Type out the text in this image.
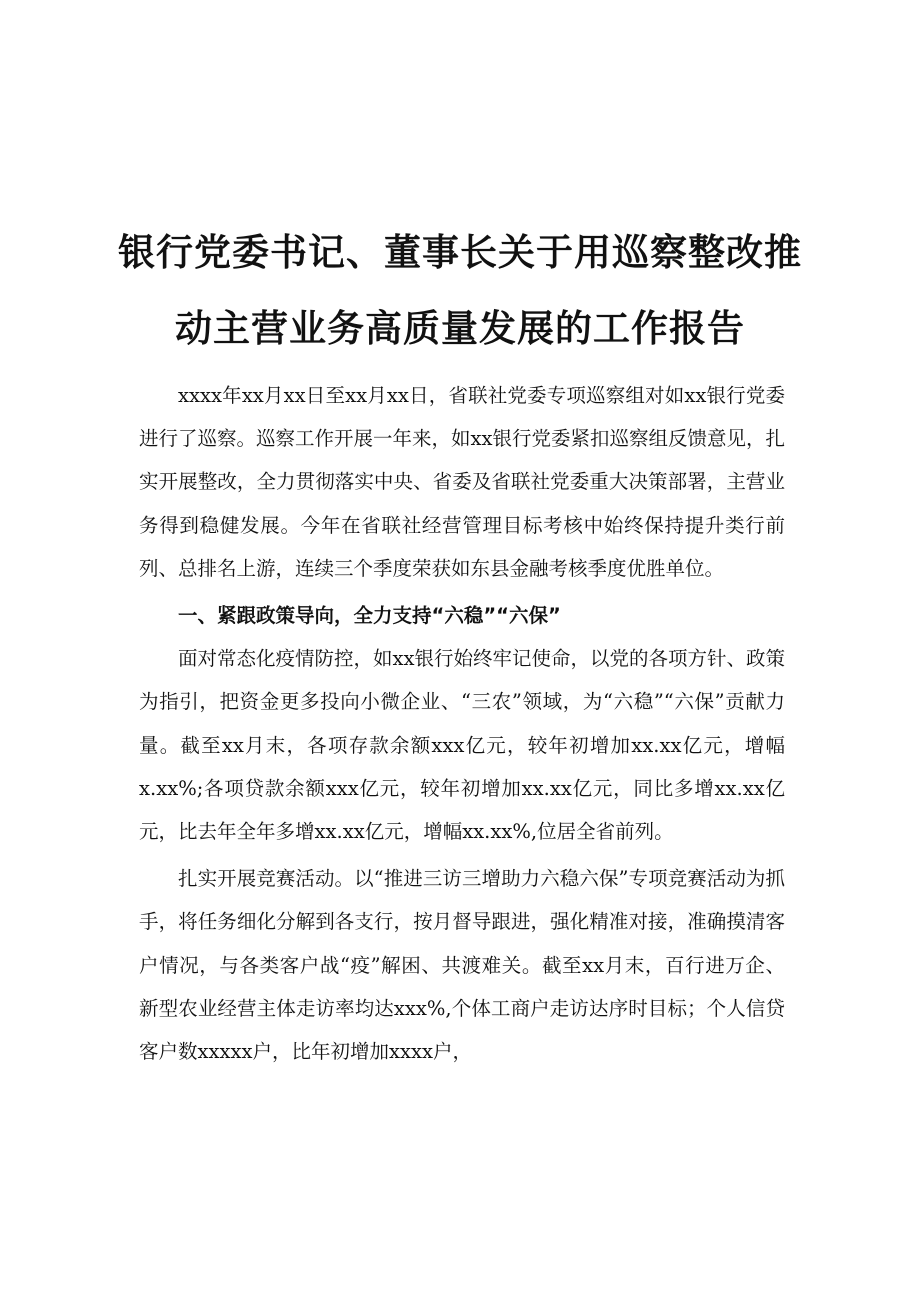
银行党委书记、董事长关于用巡察整改推
动主营业务高质量发展的工作报告

xxxx年xx月xx日至xx月xx日，省联社党委专项巡察组对如xx银行党委进行了巡察。巡察工作开展一年来，如xx银行党委紧扣巡察组反馈意见，扎实开展整改，全力贯彻落实中央、省委及省联社党委重大决策部署，主营业务得到稳健发展。今年在省联社经营管理目标考核中始终保持提升类行前列、总排名上游，连续三个季度荣获如东县金融考核季度优胜单位。

一、紧跟政策导向，全力支持“六稳”“六保”

面对常态化疫情防控，如xx银行始终牢记使命，以党的各项方针、政策为指引，把资金更多投向小微企业、“三农”领域，为“六稳”“六保”贡献力量。截至xx月末，各项存款余额xxx亿元，较年初增加xx.xx亿元，增幅x.xx%;各项贷款余额xxx亿元，较年初增加xx.xx亿元，同比多增xx.xx亿元，比去年全年多增xx.xx亿元，增幅xx.xx%,位居全省前列。

扎实开展竞赛活动。以“推进三访三增助力六稳六保”专项竞赛活动为抓手，将任务细化分解到各支行，按月督导跟进，强化精准对接，准确摸清客户情况，与各类客户战“疫”解困、共渡难关。截至xx月末，百行进万企、新型农业经营主体走访率均达xxx%,个体工商户走访达序时目标；个人信贷客户数xxxxx户，比年初增加xxxx户，
